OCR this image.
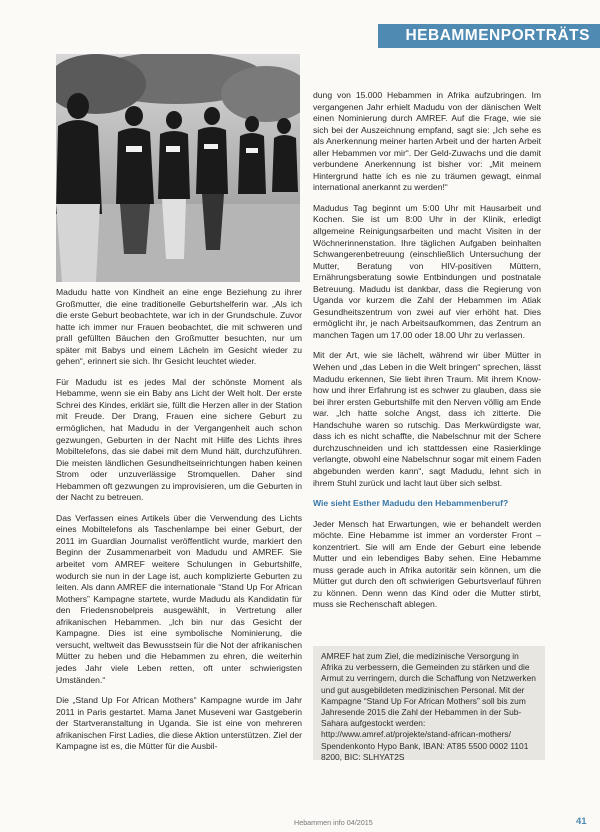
HEBAMMENPORTRÄTS

Madudu hatte von Kindheit an eine enge Beziehung zu ihrer Großmutter, die eine traditionelle Geburtshelferin war. „Als ich die erste Geburt beobachtete, war ich in der Grundschule. Zuvor hatte ich immer nur Frauen beobachtet, die mit schweren und prall gefüllten Bäuchen den Großmutter besuchten, nur um später mit Babys und einem Lächeln im Gesicht wieder zu gehen“, erinnert sie sich. Ihr Gesicht leuchtet wieder.

Für Madudu ist es jedes Mal der schönste Moment als Hebamme, wenn sie ein Baby ans Licht der Welt holt. Der erste Schrei des Kindes, erklärt sie, füllt die Herzen aller in der Station mit Freude. Der Drang, Frauen eine sichere Geburt zu ermöglichen, hat Madudu in der Vergangenheit auch schon gezwungen, Geburten in der Nacht mit Hilfe des Lichts ihres Mobiltelefons, das sie dabei mit dem Mund hält, durchzuführen. Die meisten ländlichen Gesundheitseinrichtungen haben keinen Strom oder unzuverlässige Stromquellen. Daher sind Hebammen oft gezwungen zu improvisieren, um die Geburten in der Nacht zu betreuen.

Das Verfassen eines Artikels über die Verwendung des Lichts eines Mobiltelefons als Taschenlampe bei einer Geburt, der 2011 im Guardian Journalist veröffentlicht wurde, markiert den Beginn der Zusammenarbeit von Madudu und AMREF. Sie arbeitet vom AMREF weitere Schulungen in Geburtshilfe, wodurch sie nun in der Lage ist, auch komplizierte Geburten zu leiten. Als dann AMREF die internationale “Stand Up For African Mothers” Kampagne startete, wurde Madudu als Kandidatin für den Friedensnobelpreis ausgewählt, in Vertretung aller afrikanischen Hebammen. „Ich bin nur das Gesicht der Kampagne. Dies ist eine symbolische Nominierung, die versucht, weltweit das Bewusstsein für die Not der afrikanischen Mütter zu heben und die Hebammen zu ehren, die weiterhin jedes Jahr viele Leben retten, oft unter schwierigsten Umständen.“

Die „Stand Up For African Mothers“ Kampagne wurde im Jahr 2011 in Paris gestartet. Mama Janet Museveni war Gastgeberin der Startveranstaltung in Uganda. Sie ist eine von mehreren afrikanischen First Ladies, die diese Aktion unterstützen. Ziel der Kampagne ist es, die Mütter für die Ausbil-

dung von 15.000 Hebammen in Afrika aufzubringen. Im vergangenen Jahr erhielt Madudu von der dänischen Welt einen Nominierung durch AMREF. Auf die Frage, wie sie sich bei der Auszeichnung empfand, sagt sie: „Ich sehe es als Anerkennung meiner harten Arbeit und der harten Arbeit aller Hebammen vor mir“. Der Geld-Zuwachs und die damit verbundene Anerkennung ist bisher vor: „Mit meinem Hintergrund hatte ich es nie zu träumen gewagt, einmal international anerkannt zu werden!“

Madudus Tag beginnt um 5:00 Uhr mit Hausarbeit und Kochen. Sie ist um 8:00 Uhr in der Klinik, erledigt allgemeine Reinigungsarbeiten und macht Visiten in der Wöchnerinnenstation. Ihre täglichen Aufgaben beinhalten Schwangerenbetreuung (einschließlich Untersuchung der Mutter, Beratung von HIV-positiven Müttern, Ernährungsberatung sowie Entbindungen und postnatale Betreuung. Madudu ist dankbar, dass die Regierung von Uganda vor kurzem die Zahl der Hebammen im Atiak Gesundheitszentrum von zwei auf vier erhöht hat. Dies ermöglicht ihr, je nach Arbeitsaufkommen, das Zentrum an manchen Tagen um 17.00 oder 18.00 Uhr zu verlassen.

Mit der Art, wie sie lächelt, während wir über Mütter in Wehen und „das Leben in die Welt bringen“ sprechen, lässt Madudu erkennen, Sie liebt ihren Traum. Mit ihrem Know-how und ihrer Erfahrung ist es schwer zu glauben, dass sie bei ihrer ersten Geburtshilfe mit den Nerven völlig am Ende war. „Ich hatte solche Angst, dass ich zitterte. Die Handschuhe waren so rutschig. Das Merkwürdigste war, dass ich es nicht schaffte, die Nabelschnur mit der Schere durchzuschneiden und ich stattdessen eine Rasierklinge verlangte, obwohl eine Nabelschnur sogar mit einem Faden abgebunden werden kann“, sagt Madudu, lehnt sich in ihrem Stuhl zurück und lacht laut über sich selbst.

Wie sieht Esther Madudu den Hebammenberuf?

Jeder Mensch hat Erwartungen, wie er behandelt werden möchte. Eine Hebamme ist immer an vorderster Front – konzentriert. Sie will am Ende der Geburt eine lebende Mutter und ein lebendiges Baby sehen. Eine Hebamme muss gerade auch in Afrika autoritär sein können, um die Mütter gut durch den oft schwierigen Geburtsverlauf führen zu können. Denn wenn das Kind oder die Mutter stirbt, muss sie Rechenschaft ablegen.

AMREF hat zum Ziel, die medizinische Versorgung in Afrika zu verbessern, die Gemeinden zu stärken und die Armut zu verringern, durch die Schaffung von Netzwerken und gut ausgebildeten medizinischen Personal. Mit der Kampagne “Stand Up For African Mothers” soll bis zum Jahresende 2015 die Zahl der Hebammen in der Sub-Sahara aufgestockt werden:
http://www.amref.at/projekte/stand-african-mothers/
Spendenkonto Hypo Bank, IBAN: AT85 5500 0002 1101 8200, BIC: SLHYAT2S
Hebammen info 04/2015	41
